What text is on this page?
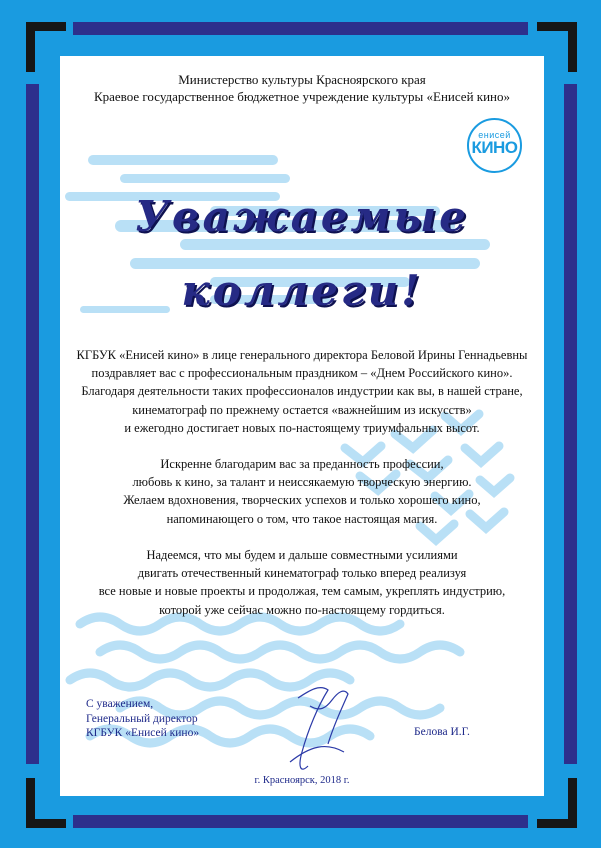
Министерство культуры Красноярского края
Краевое государственное бюджетное учреждение культуры «Енисей кино»
енисей
КИНО
Уважаемые
коллеги!

КГБУК «Енисей кино» в лице генерального директора Беловой Ирины Геннадьевны

поздравляет вас с профессиональным праздником – «Днем Российского кино».

Благодаря деятельности таких профессионалов индустрии как вы, в нашей стране,

кинематограф по прежнему остается «важнейшим из искусств»

и ежегодно достигает новых по-настоящему триумфальных высот.

Искренне благодарим вас за преданность профессии,

любовь к кино, за талант и неиссякаемую творческую энергию.

Желаем вдохновения, творческих успехов и только хорошего кино,

напоминающего о том, что такое настоящая магия.

Надеемся, что мы будем и дальше совместными усилиями

двигать отечественный кинематограф только вперед реализуя

все новые и новые проекты и продолжая, тем самым, укреплять индустрию,

которой уже сейчас можно по-настоящему гордиться.

С уважением,
Генеральный директор
КГБУК «Енисей кино»	Белова И.Г.
г. Красноярск, 2018 г.
